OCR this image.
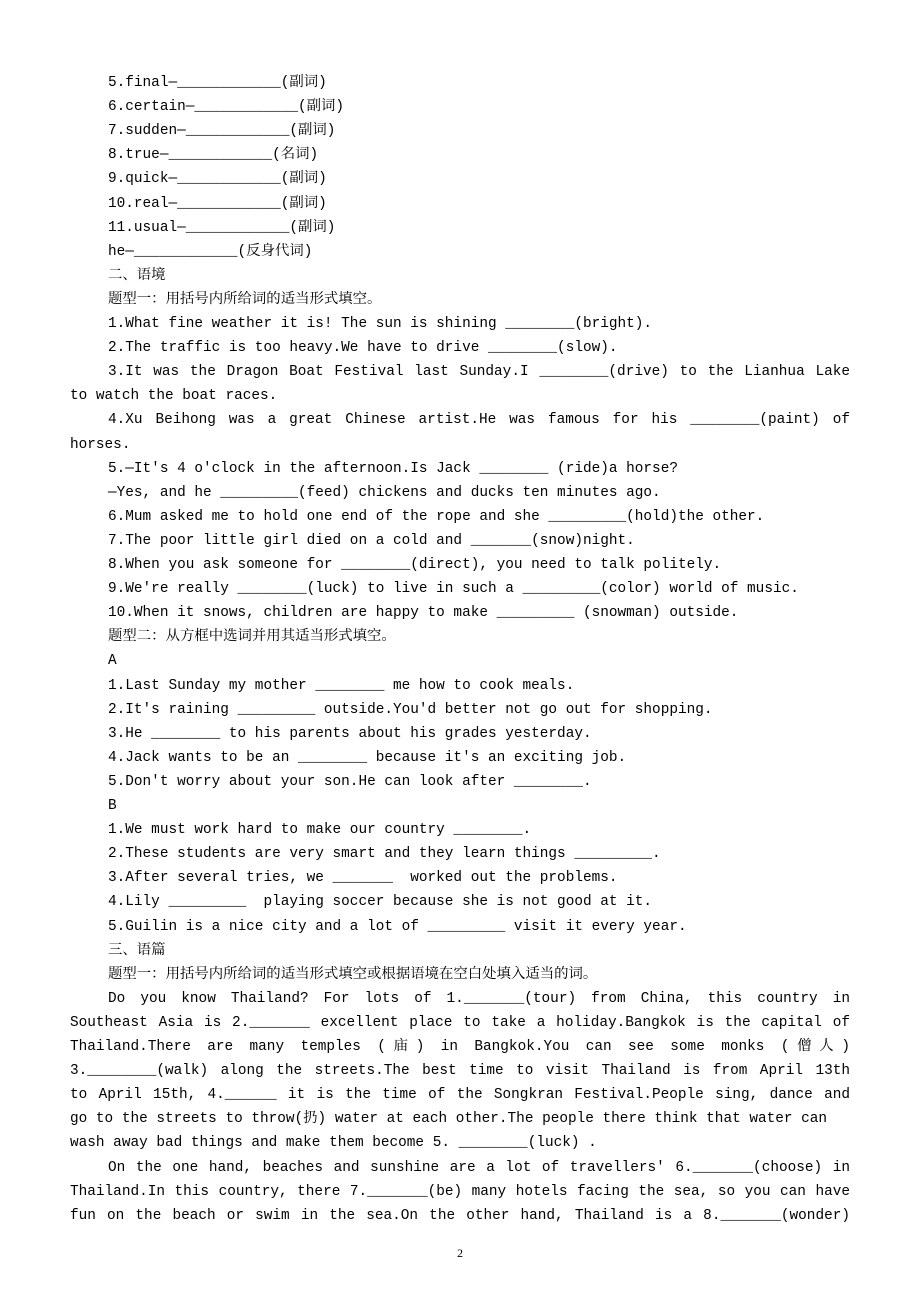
5.final—____________(副词)
6.certain—____________(副词)
7.sudden—____________(副词)
8.true—____________(名词)
9.quick—____________(副词)
10.real—____________(副词)
11.usual—____________(副词)
he—____________(反身代词)
二、语境
题型一：用括号内所给词的适当形式填空。
1.What fine weather it is! The sun is shining ________(bright).
2.The traffic is too heavy.We have to drive ________(slow).
3.It was the Dragon Boat Festival last Sunday.I ________(drive) to the Lianhua Lake
to watch the boat races.
4.Xu Beihong was a great Chinese artist.He was famous for his ________(paint) of
horses.
5.—It's 4 o'clock in the afternoon.Is Jack ________ (ride)a horse?
—Yes, and he _________(feed) chickens and ducks ten minutes ago.
6.Mum asked me to hold one end of the rope and she _________(hold)the other.
7.The poor little girl died on a cold and _______(snow)night.
8.When you ask someone for ________(direct), you need to talk politely.
9.We're really ________(luck) to live in such a _________(color) world of music.
10.When it snows, children are happy to make _________ (snowman) outside.
题型二：从方框中选词并用其适当形式填空。
A
1.Last Sunday my mother ________ me how to cook meals.
2.It's raining _________ outside.You'd better not go out for shopping.
3.He ________ to his parents about his grades yesterday.
4.Jack wants to be an ________ because it's an exciting job.
5.Don't worry about your son.He can look after ________.
B
1.We must work hard to make our country ________.
2.These students are very smart and they learn things _________.
3.After several tries, we _______  worked out the problems.
4.Lily _________  playing soccer because she is not good at it.
5.Guilin is a nice city and a lot of _________ visit it every year.
三、语篇
题型一：用括号内所给词的适当形式填空或根据语境在空白处填入适当的词。
Do you know Thailand? For lots of 1._______(tour) from China, this country in
Southeast Asia is 2._______ excellent place to take a holiday.Bangkok is the capital of
Thailand.There are many temples (庙) in Bangkok.You can see some monks (僧人)
3.________(walk) along the streets.The best time to visit Thailand is from April 13th
to April 15th, 4.______ it is the time of the Songkran Festival.People sing, dance and
go to the streets to throw(扔) water at each other.The people there think that water can
wash away bad things and make them become 5. ________(luck) .
On the one hand, beaches and sunshine are a lot of travellers' 6._______(choose) in
Thailand.In this country, there 7._______(be) many hotels facing the sea, so you can have
fun on the beach or swim in the sea.On the other hand, Thailand is a 8._______(wonder)
2
